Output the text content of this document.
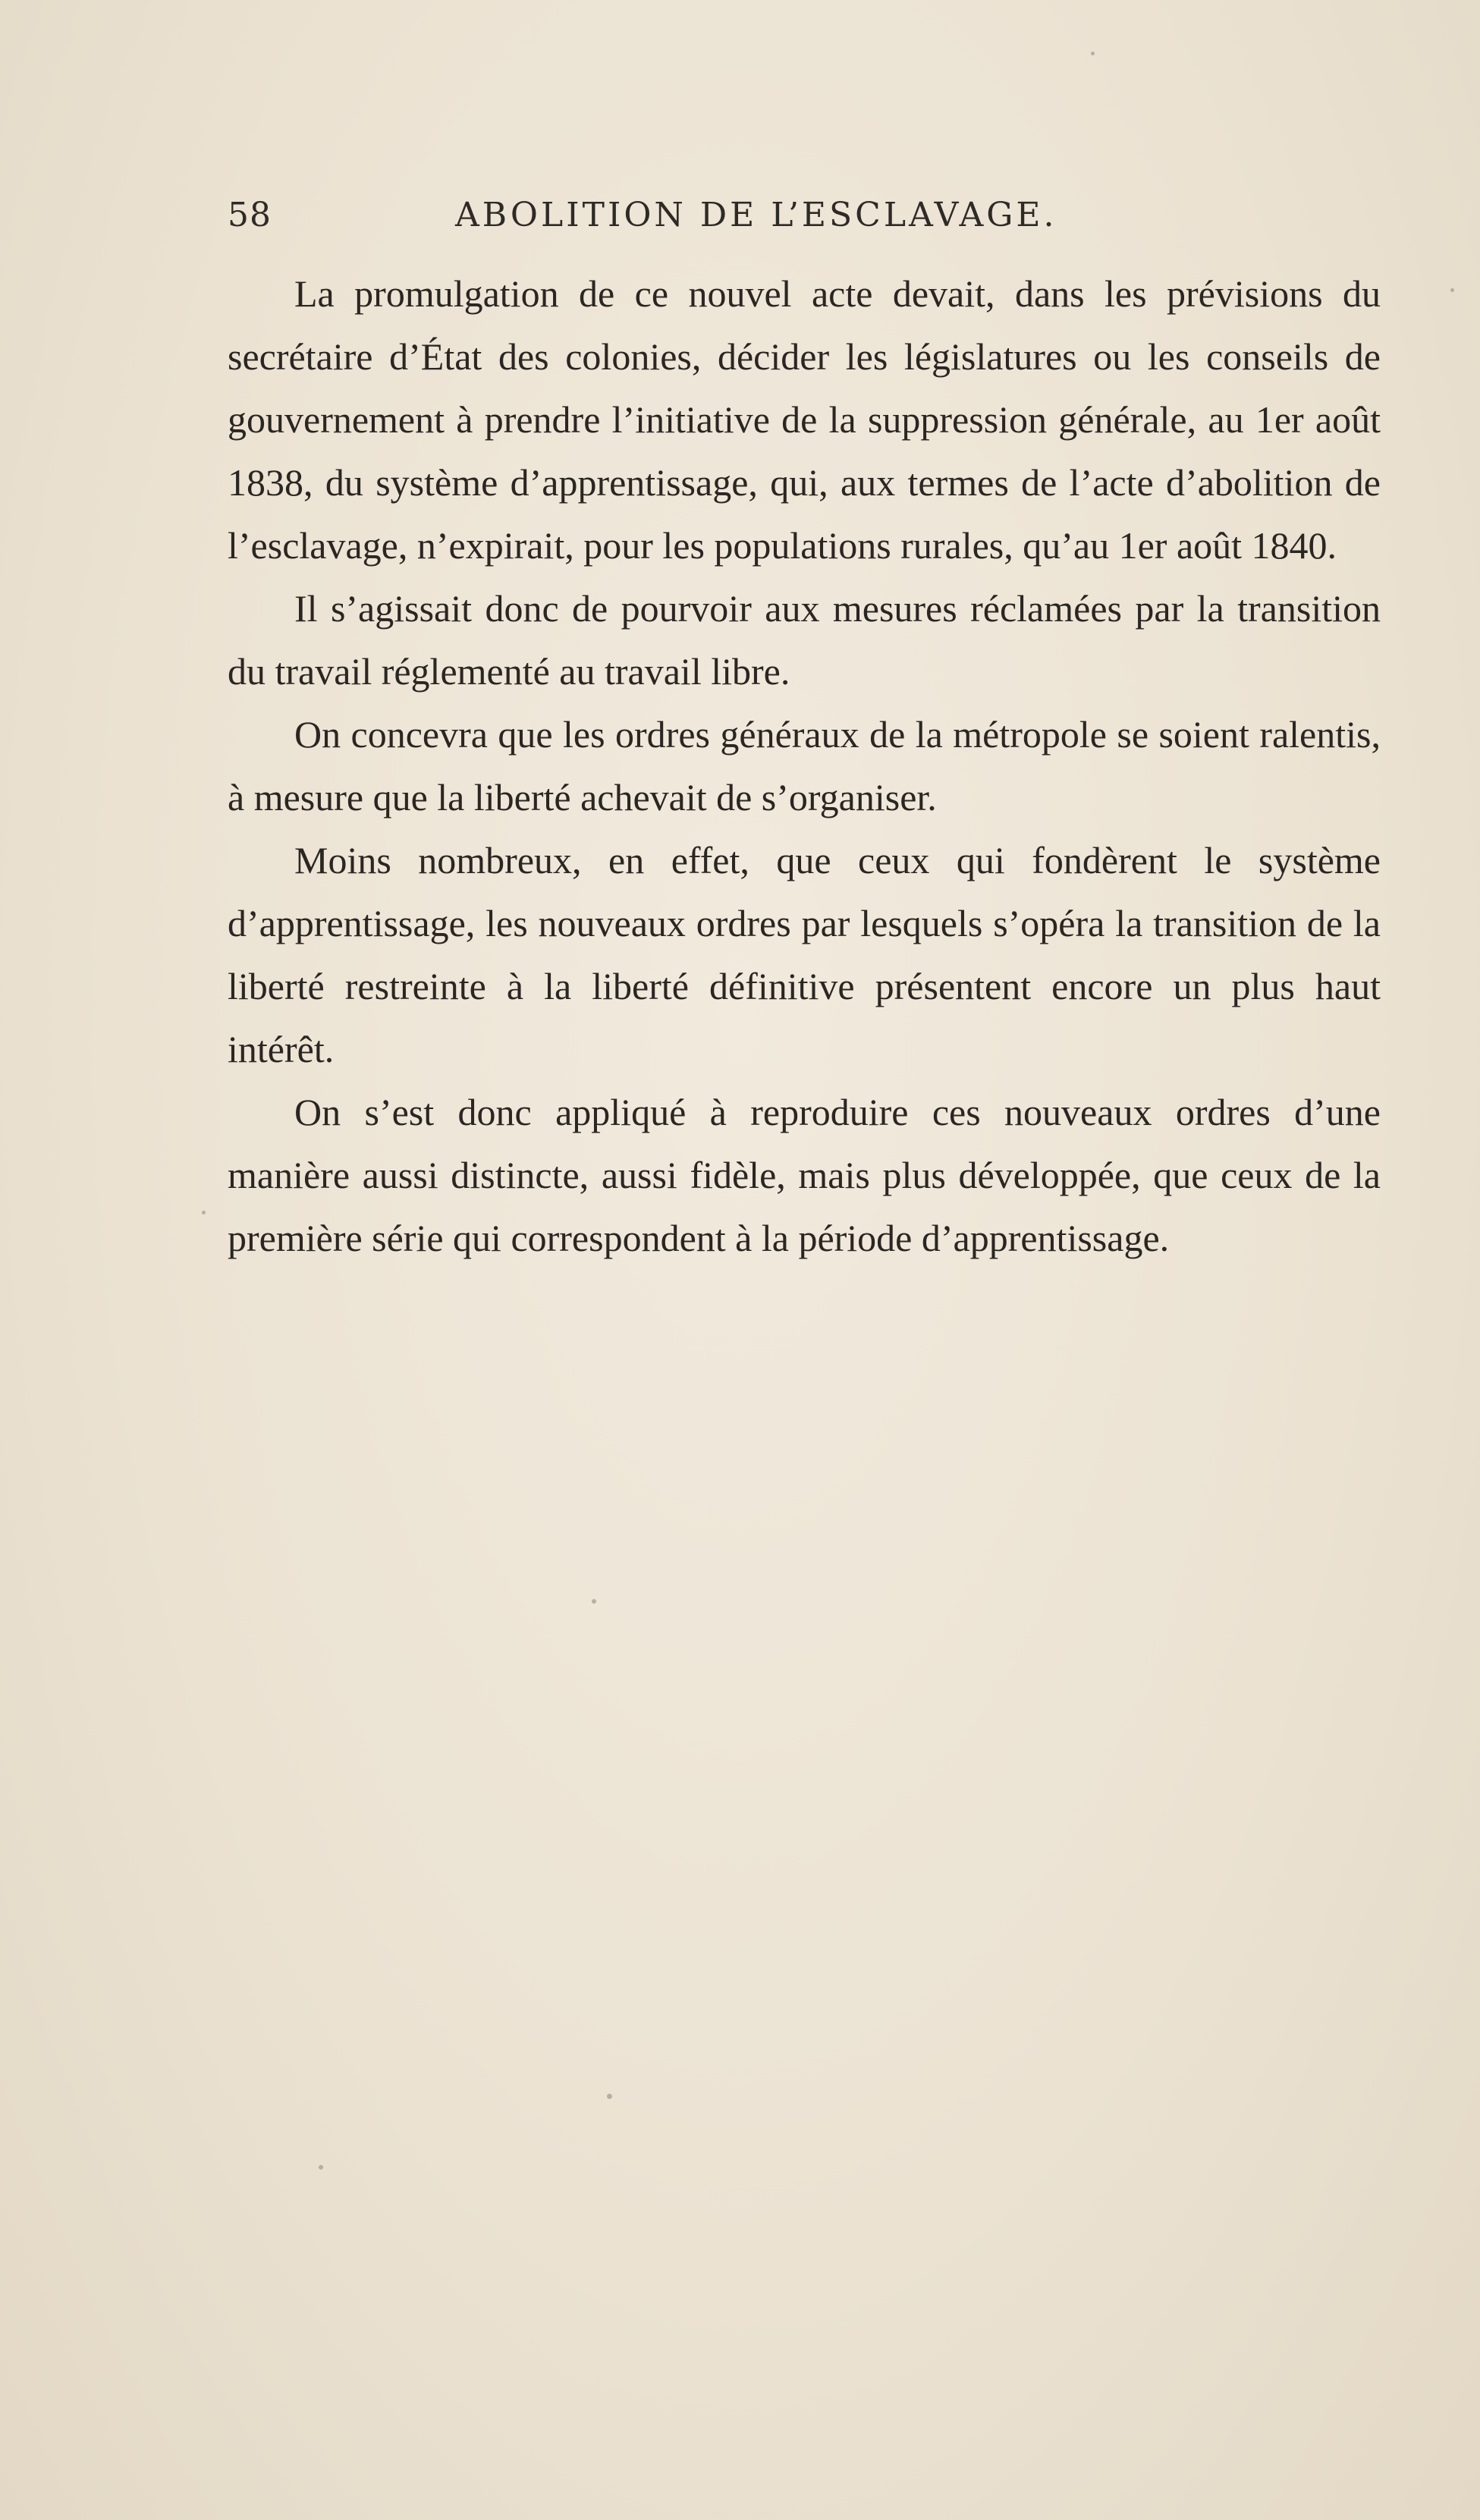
58	ABOLITION DE L’ESCLAVAGE.

La promulgation de ce nouvel acte devait, dans les prévisions du secrétaire d’État des colonies, décider les législatures ou les conseils de gouvernement à prendre l’initiative de la suppression générale, au 1er août 1838, du système d’apprentissage, qui, aux termes de l’acte d’abolition de l’esclavage, n’expirait, pour les populations rurales, qu’au 1er août 1840.

Il s’agissait donc de pourvoir aux mesures réclamées par la transition du travail réglementé au travail libre.

On concevra que les ordres généraux de la métropole se soient ralentis, à mesure que la liberté achevait de s’organiser.

Moins nombreux, en effet, que ceux qui fondèrent le système d’apprentissage, les nouveaux ordres par lesquels s’opéra la transition de la liberté restreinte à la liberté définitive présentent encore un plus haut intérêt.

On s’est donc appliqué à reproduire ces nouveaux ordres d’une manière aussi distincte, aussi fidèle, mais plus développée, que ceux de la première série qui correspondent à la période d’apprentissage.
